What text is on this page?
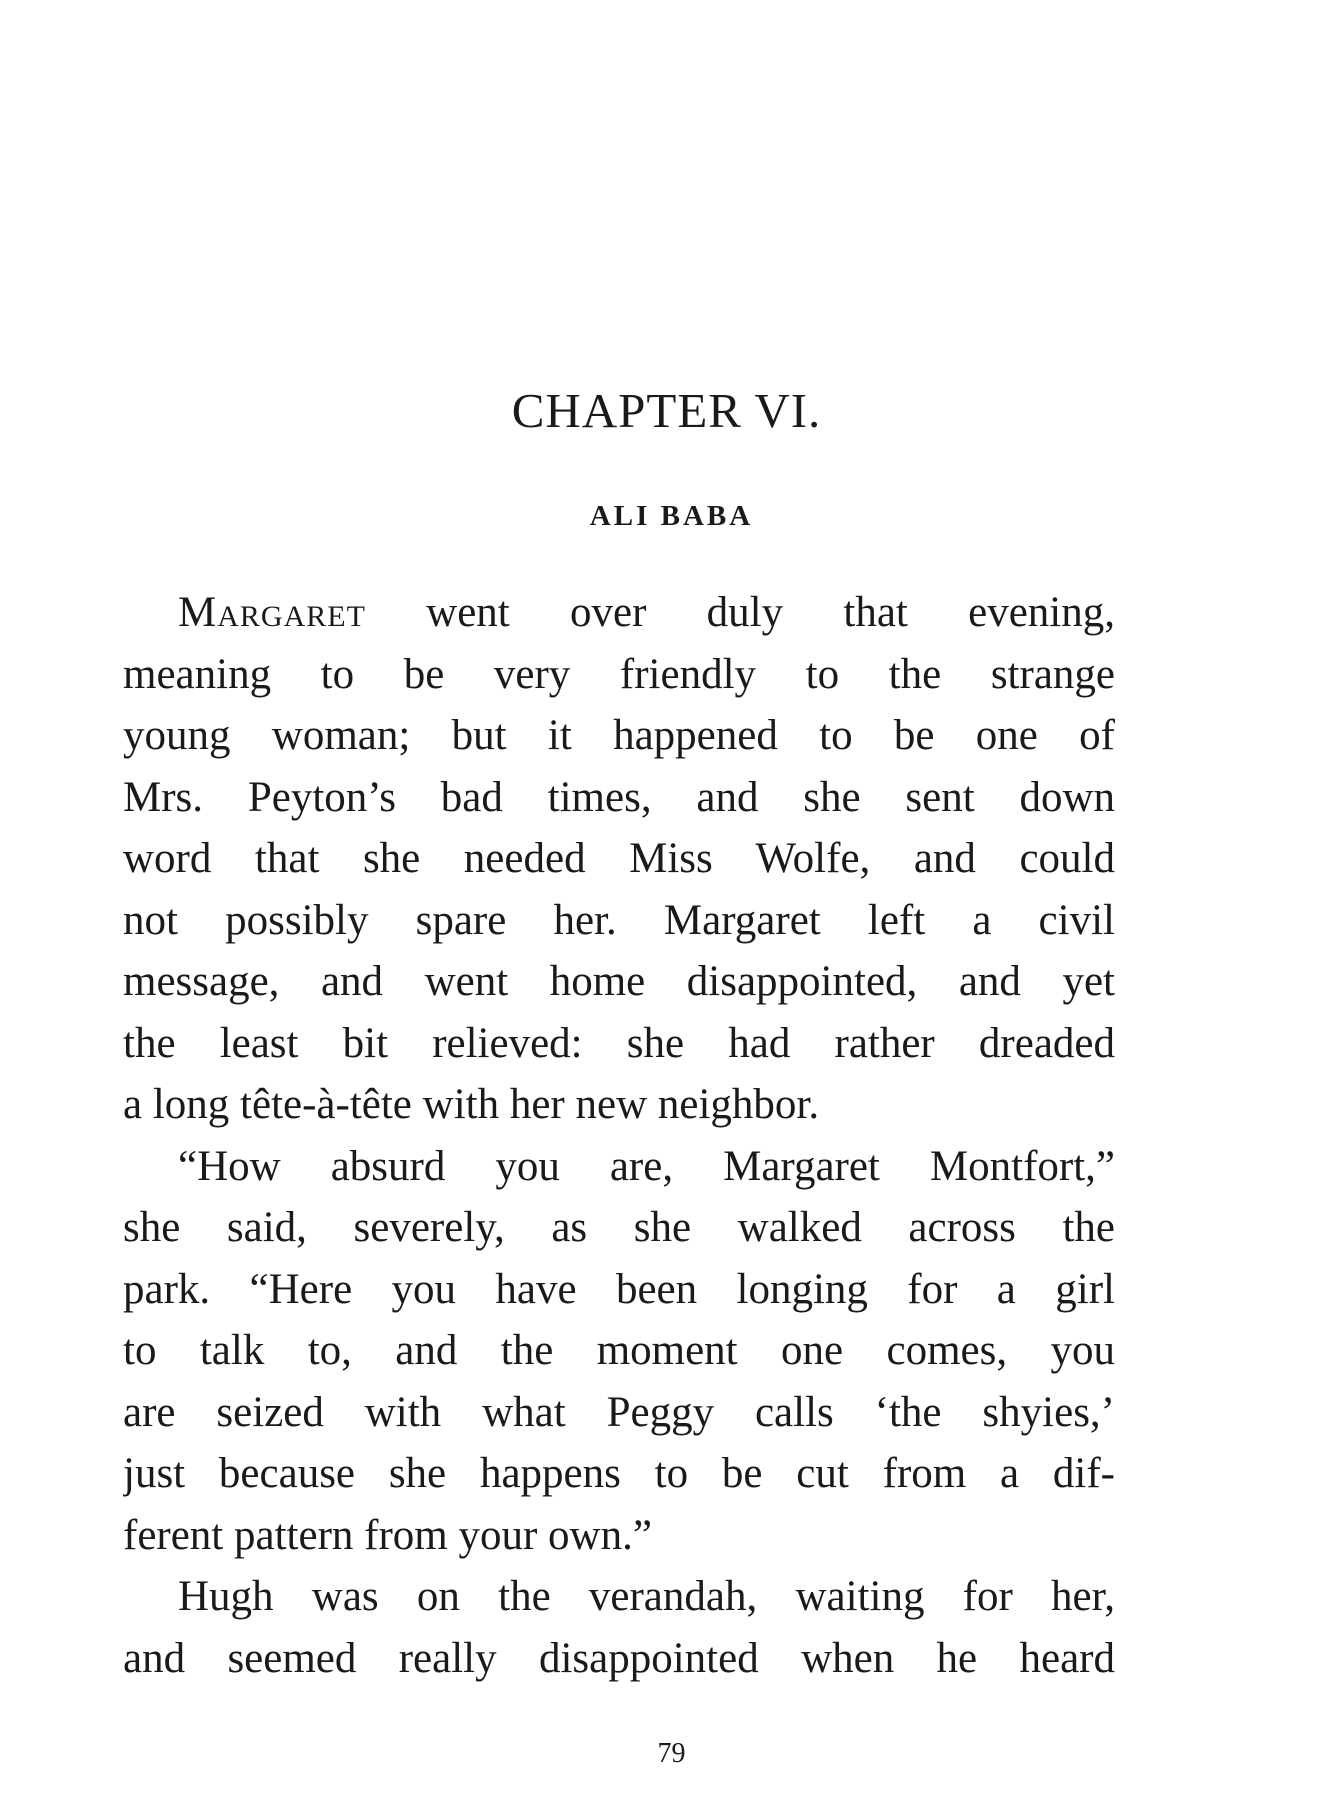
CHAPTER VI.
ALI BABA
Margaret went over duly that evening,
meaning to be very friendly to the strange
young woman; but it happened to be one of
Mrs. Peyton’s bad times, and she sent down
word that she needed Miss Wolfe, and could
not possibly spare her. Margaret left a civil
message, and went home disappointed, and yet
the least bit relieved: she had rather dreaded
a long tête-à-tête with her new neighbor.
“How absurd you are, Margaret Montfort,”
she said, severely, as she walked across the
park. “Here you have been longing for a girl
to talk to, and the moment one comes, you
are seized with what Peggy calls ‘the shyies,’
just because she happens to be cut from a dif-
ferent pattern from your own.”
Hugh was on the verandah, waiting for her,
and seemed really disappointed when he heard
79
